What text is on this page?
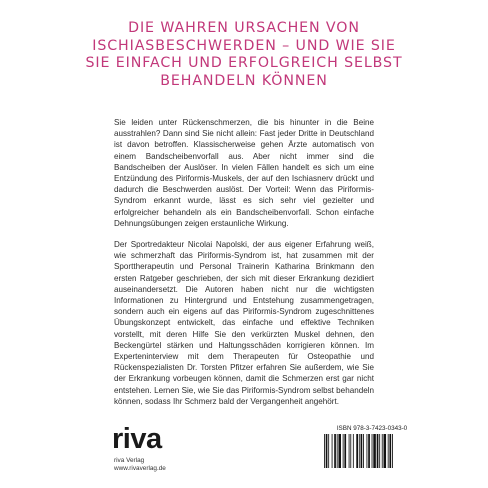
DIE WAHREN URSACHEN VON
ISCHIASBESCHWERDEN – UND WIE SIE
SIE EINFACH UND ERFOLGREICH SELBST
BEHANDELN KÖNNEN

Sie leiden unter Rückenschmerzen, die bis hinunter in die Beine ausstrahlen? Dann sind Sie nicht allein: Fast jeder Dritte in Deutschland ist davon betroffen. Klassischerweise gehen Ärzte automatisch von einem Bandscheibenvorfall aus. Aber nicht immer sind die Bandscheiben der Auslöser. In vielen Fällen handelt es sich um eine Entzündung des Piriformis-Muskels, der auf den Ischiasnerv drückt und dadurch die Beschwerden auslöst. Der Vorteil: Wenn das Piriformis-Syndrom erkannt wurde, lässt es sich sehr viel gezielter und erfolgreicher behandeln als ein Bandscheibenvorfall. Schon einfache Dehnungsübungen zeigen erstaunliche Wirkung.

Der Sportredakteur Nicolai Napolski, der aus eigener Erfahrung weiß, wie schmerzhaft das Piriformis-Syndrom ist, hat zusammen mit der Sporttherapeutin und Personal Trainerin Katharina Brinkmann den ersten Ratgeber geschrieben, der sich mit dieser Erkrankung dezidiert auseinandersetzt. Die Autoren haben nicht nur die wichtigsten Informationen zu Hintergrund und Entstehung zusammengetragen, sondern auch ein eigens auf das Piriformis-Syndrom zugeschnittenes Übungskonzept entwickelt, das einfache und effektive Techniken vorstellt, mit deren Hilfe Sie den verkürzten Muskel dehnen, den Beckengürtel stärken und Haltungsschäden korrigieren können. Im Experteninterview mit dem Therapeuten für Osteopathie und Rückenspezialisten Dr. Torsten Pfitzer erfahren Sie außerdem, wie Sie der Erkrankung vorbeugen können, damit die Schmerzen erst gar nicht entstehen. Lernen Sie, wie Sie das Piriformis-Syndrom selbst behandeln können, sodass Ihr Schmerz bald der Vergangenheit angehört.

riva
riva Verlag
www.rivaverlag.de
ISBN 978-3-7423-0343-0
